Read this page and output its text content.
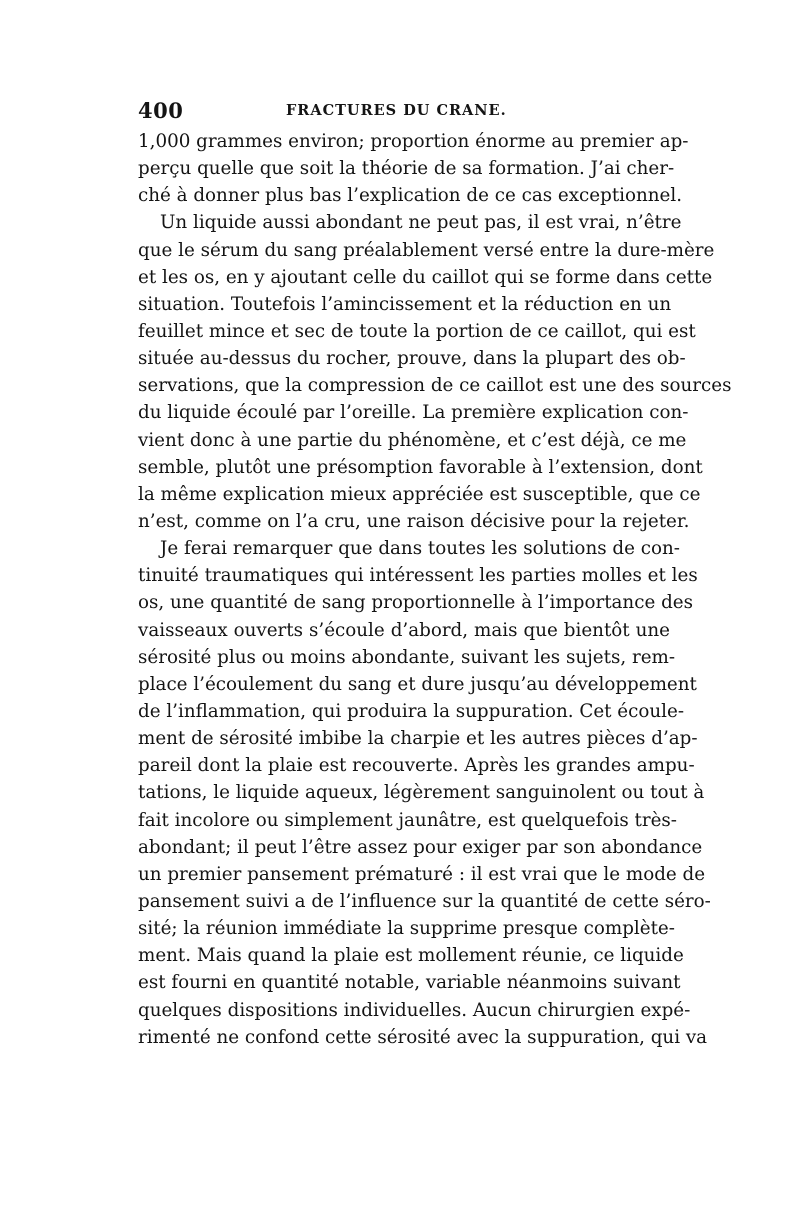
400	FRACTURES DU CRANE.
1,000 grammes environ; proportion énorme au premier ap-
perçu quelle que soit la théorie de sa formation. J’ai cher-
ché à donner plus bas l’explication de ce cas exceptionnel.
Un liquide aussi abondant ne peut pas, il est vrai, n’être
que le sérum du sang préalablement versé entre la dure-mère
et les os, en y ajoutant celle du caillot qui se forme dans cette
situation. Toutefois l’amincissement et la réduction en un
feuillet mince et sec de toute la portion de ce caillot, qui est
située au-dessus du rocher, prouve, dans la plupart des ob-
servations, que la compression de ce caillot est une des sources
du liquide écoulé par l’oreille. La première explication con-
vient donc à une partie du phénomène, et c’est déjà, ce me
semble, plutôt une présomption favorable à l’extension, dont
la même explication mieux appréciée est susceptible, que ce
n’est, comme on l’a cru, une raison décisive pour la rejeter.
Je ferai remarquer que dans toutes les solutions de con-
tinuité traumatiques qui intéressent les parties molles et les
os, une quantité de sang proportionnelle à l’importance des
vaisseaux ouverts s’écoule d’abord, mais que bientôt une
sérosité plus ou moins abondante, suivant les sujets, rem-
place l’écoulement du sang et dure jusqu’au développement
de l’inflammation, qui produira la suppuration. Cet écoule-
ment de sérosité imbibe la charpie et les autres pièces d’ap-
pareil dont la plaie est recouverte. Après les grandes ampu-
tations, le liquide aqueux, légèrement sanguinolent ou tout à
fait incolore ou simplement jaunâtre, est quelquefois très-
abondant; il peut l’être assez pour exiger par son abondance
un premier pansement prématuré : il est vrai que le mode de
pansement suivi a de l’influence sur la quantité de cette séro-
sité; la réunion immédiate la supprime presque complète-
ment. Mais quand la plaie est mollement réunie, ce liquide
est fourni en quantité notable, variable néanmoins suivant
quelques dispositions individuelles. Aucun chirurgien expé-
rimenté ne confond cette sérosité avec la suppuration, qui va
